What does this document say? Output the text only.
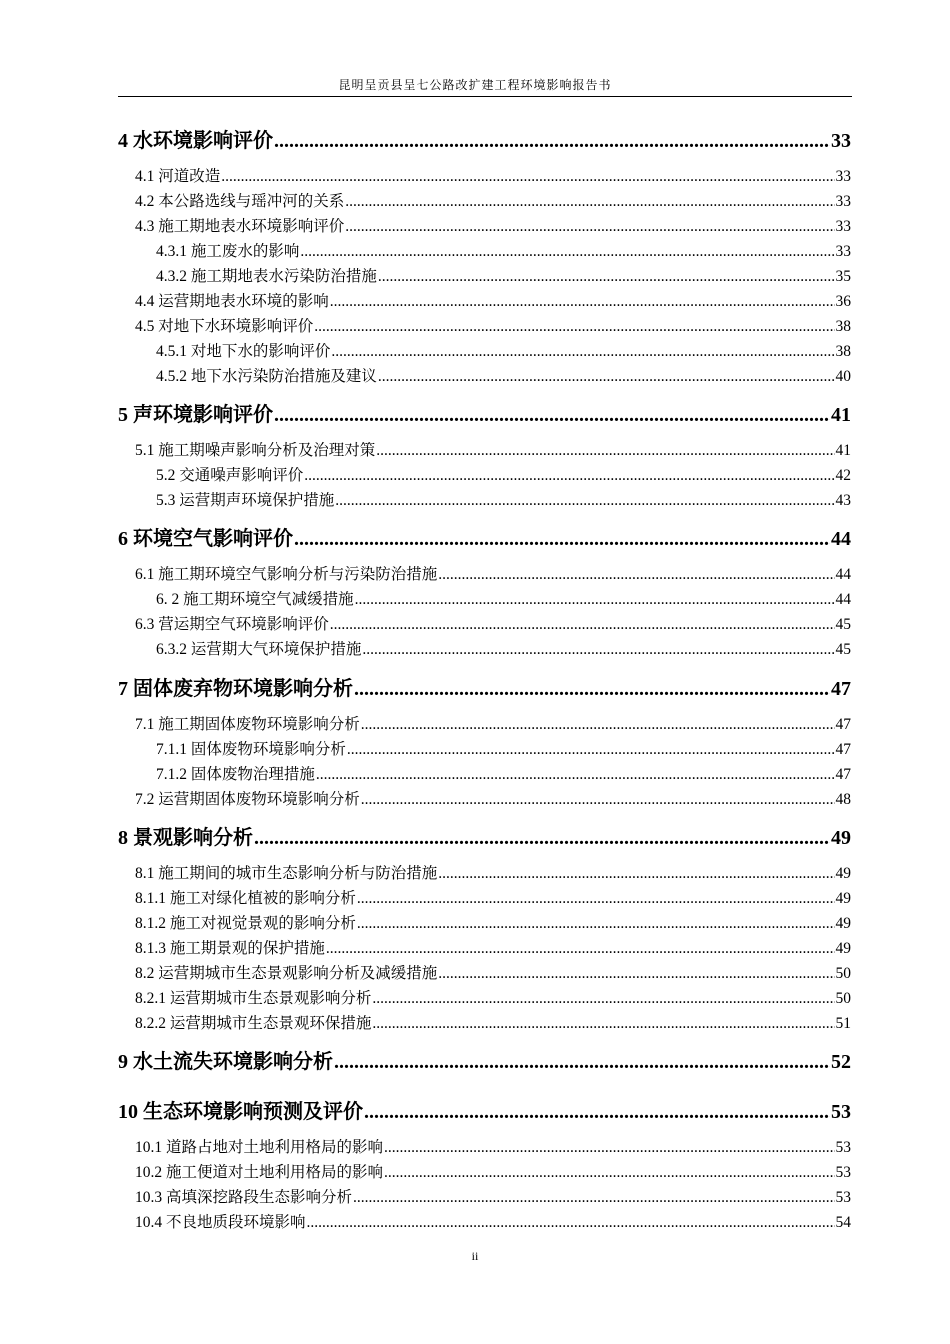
昆明呈贡县呈七公路改扩建工程环境影响报告书
4 水环境影响评价 .....	33
4.1 河道改造 .....	33
4.2 本公路选线与瑶冲河的关系 .....	33
4.3 施工期地表水环境影响评价 .....	33
4.3.1 施工废水的影响 .....	33
4.3.2 施工期地表水污染防治措施 .....	35
4.4 运营期地表水环境的影响 .....	36
4.5 对地下水环境影响评价 .....	38
4.5.1 对地下水的影响评价 .....	38
4.5.2 地下水污染防治措施及建议 .....	40
5 声环境影响评价 .....	41
5.1 施工期噪声影响分析及治理对策 .....	41
5.2 交通噪声影响评价 .....	42
5.3 运营期声环境保护措施 .....	43
6 环境空气影响评价 .....	44
6.1 施工期环境空气影响分析与污染防治措施 .....	44
6. 2 施工期环境空气减缓措施 .....	44
6.3 营运期空气环境影响评价 .....	45
6.3.2 运营期大气环境保护措施 .....	45
7 固体废弃物环境影响分析 .....	47
7.1 施工期固体废物环境影响分析 .....	47
7.1.1 固体废物环境影响分析 .....	47
7.1.2 固体废物治理措施 .....	47
7.2 运营期固体废物环境影响分析 .....	48
8 景观影响分析 .....	49
8.1 施工期间的城市生态影响分析与防治措施 .....	49
8.1.1 施工对绿化植被的影响分析 .....	49
8.1.2 施工对视觉景观的影响分析 .....	49
8.1.3 施工期景观的保护措施 .....	49
8.2 运营期城市生态景观影响分析及减缓措施 .....	50
8.2.1 运营期城市生态景观影响分析 .....	50
8.2.2 运营期城市生态景观环保措施 .....	51
9 水土流失环境影响分析 .....	52
10 生态环境影响预测及评价 .....	53
10.1 道路占地对土地利用格局的影响 .....	53
10.2 施工便道对土地利用格局的影响 .....	53
10.3 高填深挖路段生态影响分析 .....	53
10.4 不良地质段环境影响 .....	54
ii
